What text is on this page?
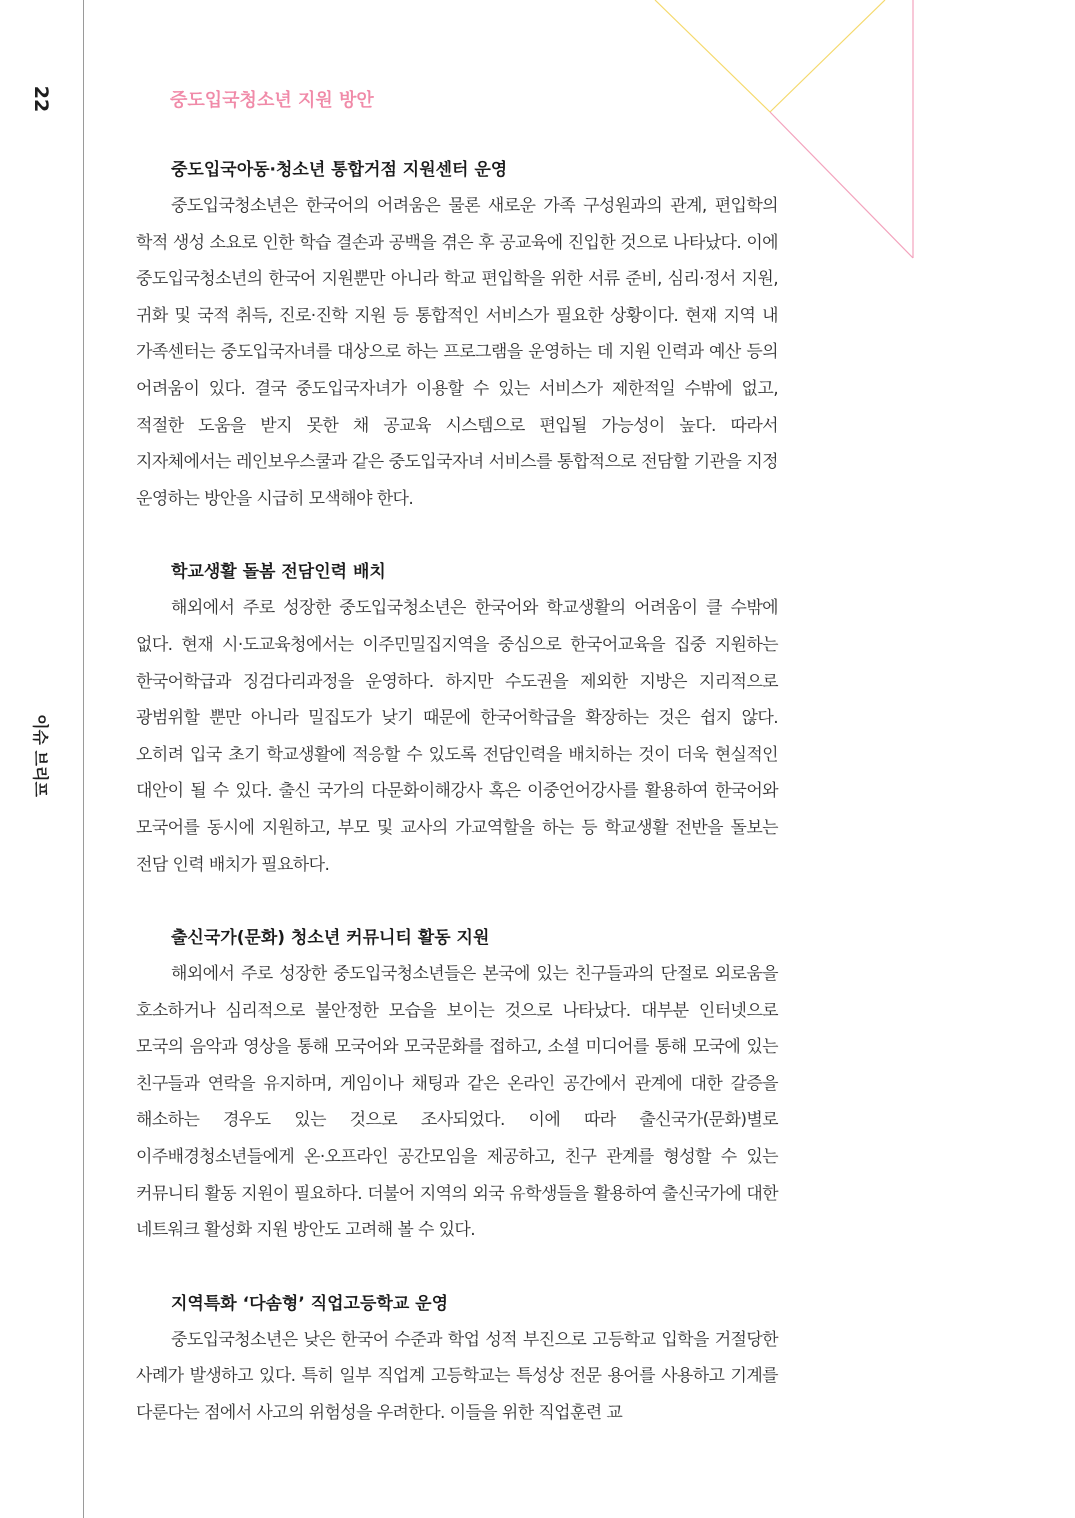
22
이슈 브리프
중도입국청소년 지원 방안
중도입국아동·청소년 통합거점 지원센터 운영

중도입국청소년은 한국어의 어려움은 물론 새로운 가족 구성원과의 관계, 편입학의 학적 생성 소요로 인한 학습 결손과 공백을 겪은 후 공교육에 진입한 것으로 나타났다. 이에 중도입국청소년의 한국어 지원뿐만 아니라 학교 편입학을 위한 서류 준비, 심리·정서 지원, 귀화 및 국적 취득, 진로·진학 지원 등 통합적인 서비스가 필요한 상황이다. 현재 지역 내 가족센터는 중도입국자녀를 대상으로 하는 프로그램을 운영하는 데 지원 인력과 예산 등의 어려움이 있다. 결국 중도입국자녀가 이용할 수 있는 서비스가 제한적일 수밖에 없고, 적절한 도움을 받지 못한 채 공교육 시스템으로 편입될 가능성이 높다. 따라서 지자체에서는 레인보우스쿨과 같은 중도입국자녀 서비스를 통합적으로 전담할 기관을 지정 운영하는 방안을 시급히 모색해야 한다.

학교생활 돌봄 전담인력 배치

해외에서 주로 성장한 중도입국청소년은 한국어와 학교생활의 어려움이 클 수밖에 없다. 현재 시·도교육청에서는 이주민밀집지역을 중심으로 한국어교육을 집중 지원하는 한국어학급과 징검다리과정을 운영하다. 하지만 수도권을 제외한 지방은 지리적으로 광범위할 뿐만 아니라 밀집도가 낮기 때문에 한국어학급을 확장하는 것은 쉽지 않다. 오히려 입국 초기 학교생활에 적응할 수 있도록 전담인력을 배치하는 것이 더욱 현실적인 대안이 될 수 있다. 출신 국가의 다문화이해강사 혹은 이중언어강사를 활용하여 한국어와 모국어를 동시에 지원하고, 부모 및 교사의 가교역할을 하는 등 학교생활 전반을 돌보는 전담 인력 배치가 필요하다.

출신국가(문화) 청소년 커뮤니티 활동 지원

해외에서 주로 성장한 중도입국청소년들은 본국에 있는 친구들과의 단절로 외로움을 호소하거나 심리적으로 불안정한 모습을 보이는 것으로 나타났다. 대부분 인터넷으로 모국의 음악과 영상을 통해 모국어와 모국문화를 접하고, 소셜 미디어를 통해 모국에 있는 친구들과 연락을 유지하며, 게임이나 채팅과 같은 온라인 공간에서 관계에 대한 갈증을 해소하는 경우도 있는 것으로 조사되었다. 이에 따라 출신국가(문화)별로 이주배경청소년들에게 온·오프라인 공간모임을 제공하고, 친구 관계를 형성할 수 있는 커뮤니티 활동 지원이 필요하다. 더불어 지역의 외국 유학생들을 활용하여 출신국가에 대한 네트워크 활성화 지원 방안도 고려해 볼 수 있다.

지역특화 ‘다솜형’ 직업고등학교 운영

중도입국청소년은 낮은 한국어 수준과 학업 성적 부진으로 고등학교 입학을 거절당한 사례가 발생하고 있다. 특히 일부 직업계 고등학교는 특성상 전문 용어를 사용하고 기계를 다룬다는 점에서 사고의 위험성을 우려한다. 이들을 위한 직업훈련 교
